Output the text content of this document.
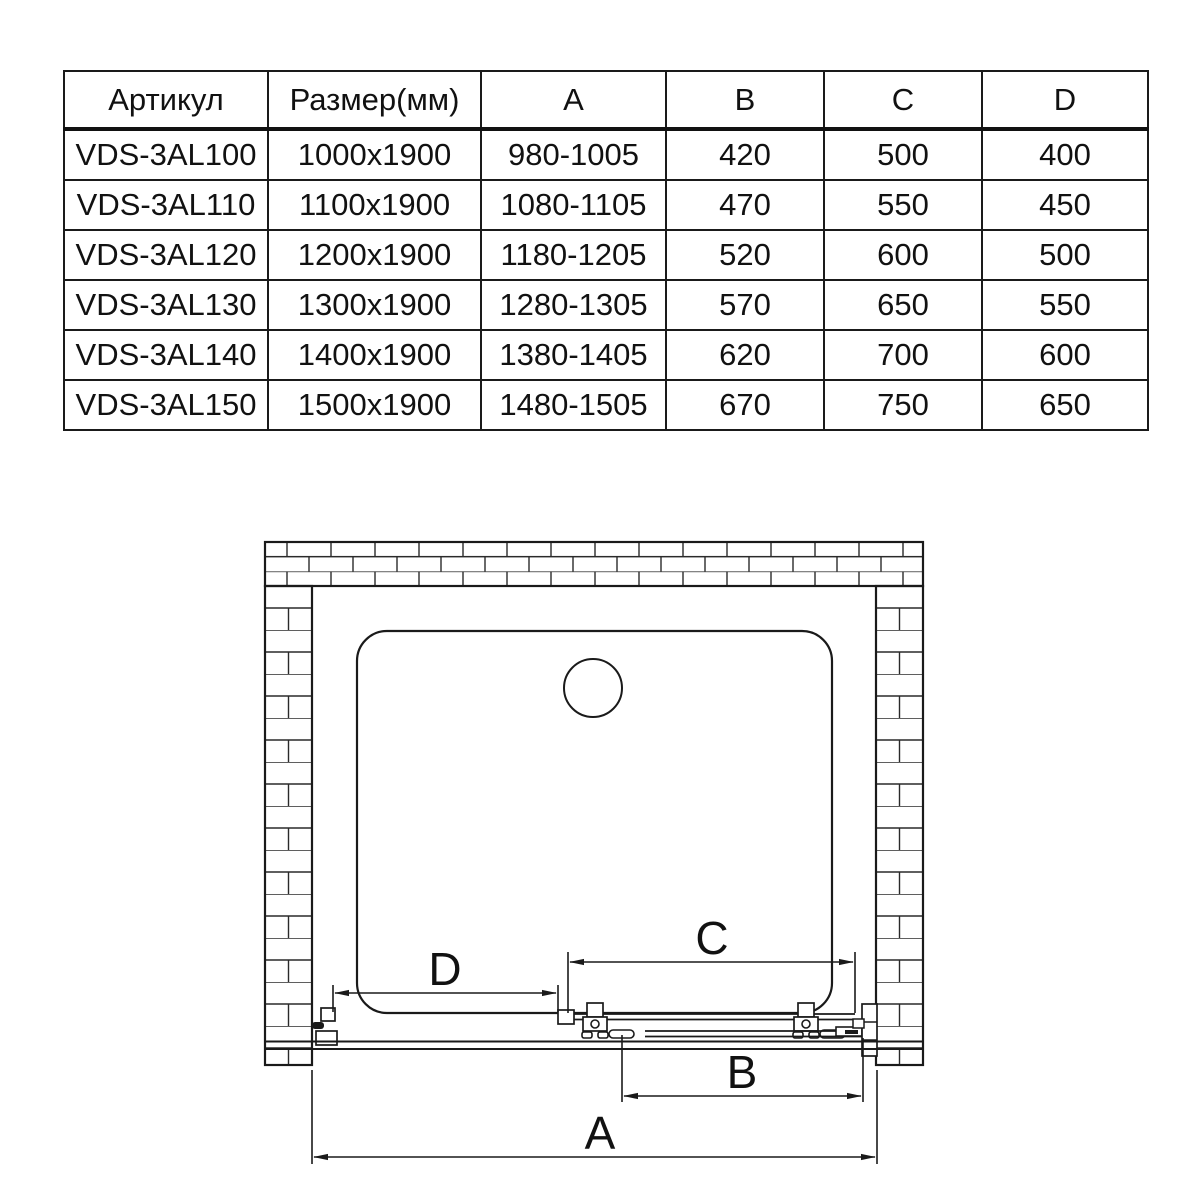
Артикул	Размер(мм)	A	B	C	D
VDS-3AL100	1000x1900	980-1005	420	500	400
VDS-3AL110	1100x1900	1080-1105	470	550	450
VDS-3AL120	1200x1900	1180-1205	520	600	500
VDS-3AL130	1300x1900	1280-1305	570	650	550
VDS-3AL140	1400x1900	1380-1405	620	700	600
VDS-3AL150	1500x1900	1480-1505	670	750	650
D
C
B
A
